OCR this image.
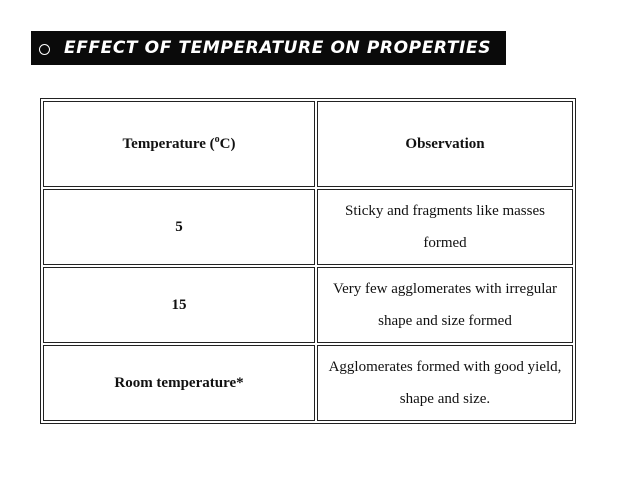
EFFECT OF TEMPERATURE ON PROPERTIES
Temperature ($^o$C)	Observation
5	Sticky and fragments like masses formed
15	Very few agglomerates with irregular shape and size formed
Room temperature*	Agglomerates formed with good yield, shape and size.
